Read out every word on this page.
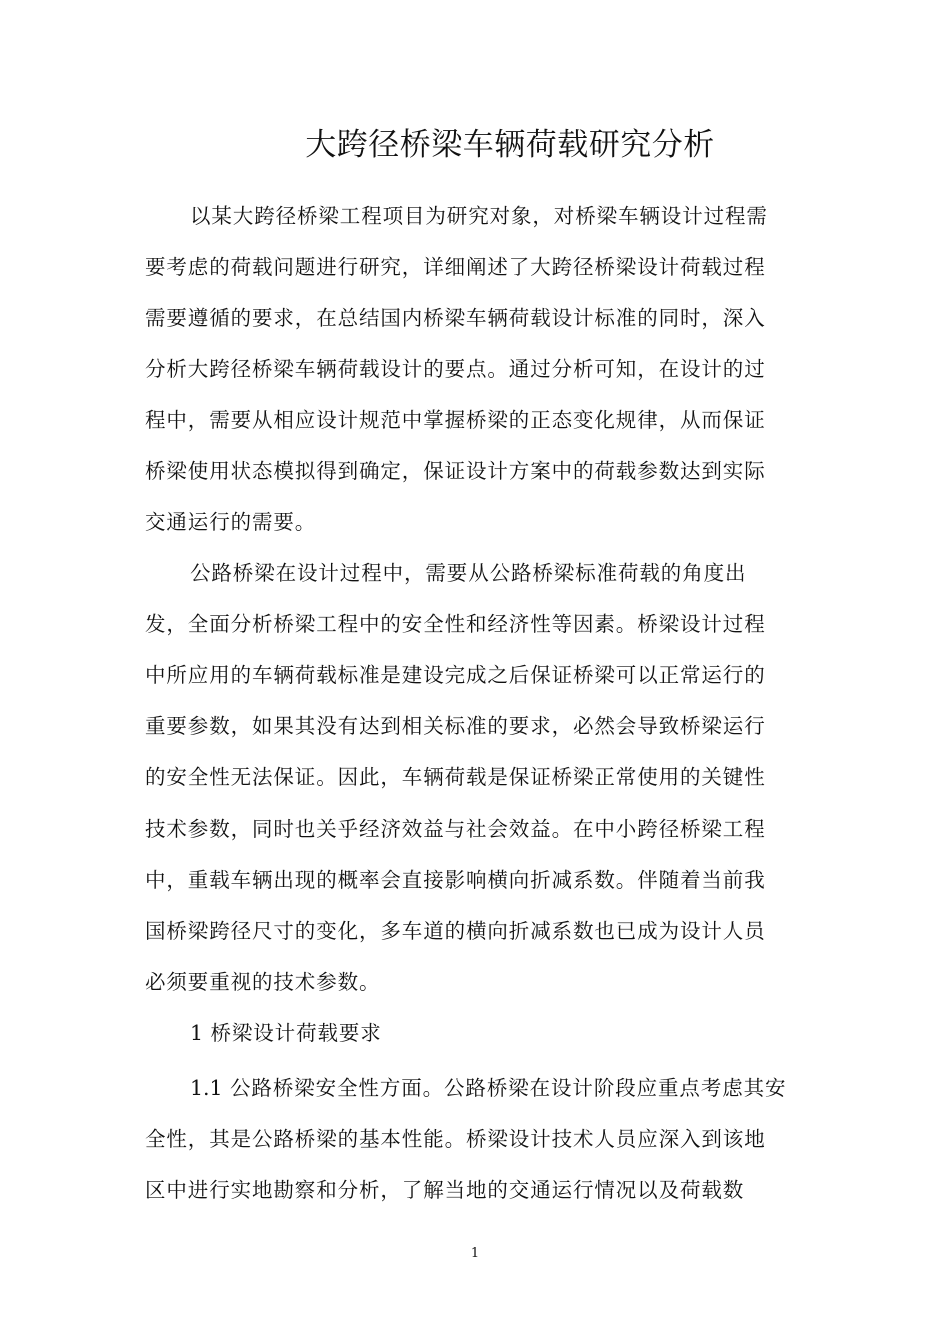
大跨径桥梁车辆荷载研究分析

以某大跨径桥梁工程项目为研究对象，对桥梁车辆设计过程需

要考虑的荷载问题进行研究，详细阐述了大跨径桥梁设计荷载过程

需要遵循的要求，在总结国内桥梁车辆荷载设计标准的同时，深入

分析大跨径桥梁车辆荷载设计的要点。通过分析可知，在设计的过

程中，需要从相应设计规范中掌握桥梁的正态变化规律，从而保证

桥梁使用状态模拟得到确定，保证设计方案中的荷载参数达到实际

交通运行的需要。

公路桥梁在设计过程中，需要从公路桥梁标准荷载的角度出

发，全面分析桥梁工程中的安全性和经济性等因素。桥梁设计过程

中所应用的车辆荷载标准是建设完成之后保证桥梁可以正常运行的

重要参数，如果其没有达到相关标准的要求，必然会导致桥梁运行

的安全性无法保证。因此，车辆荷载是保证桥梁正常使用的关键性

技术参数，同时也关乎经济效益与社会效益。在中小跨径桥梁工程

中，重载车辆出现的概率会直接影响横向折减系数。伴随着当前我

国桥梁跨径尺寸的变化，多车道的横向折减系数也已成为设计人员

必须要重视的技术参数。

1 桥梁设计荷载要求

1.1 公路桥梁安全性方面。公路桥梁在设计阶段应重点考虑其安

全性，其是公路桥梁的基本性能。桥梁设计技术人员应深入到该地

区中进行实地勘察和分析，了解当地的交通运行情况以及荷载数

1
